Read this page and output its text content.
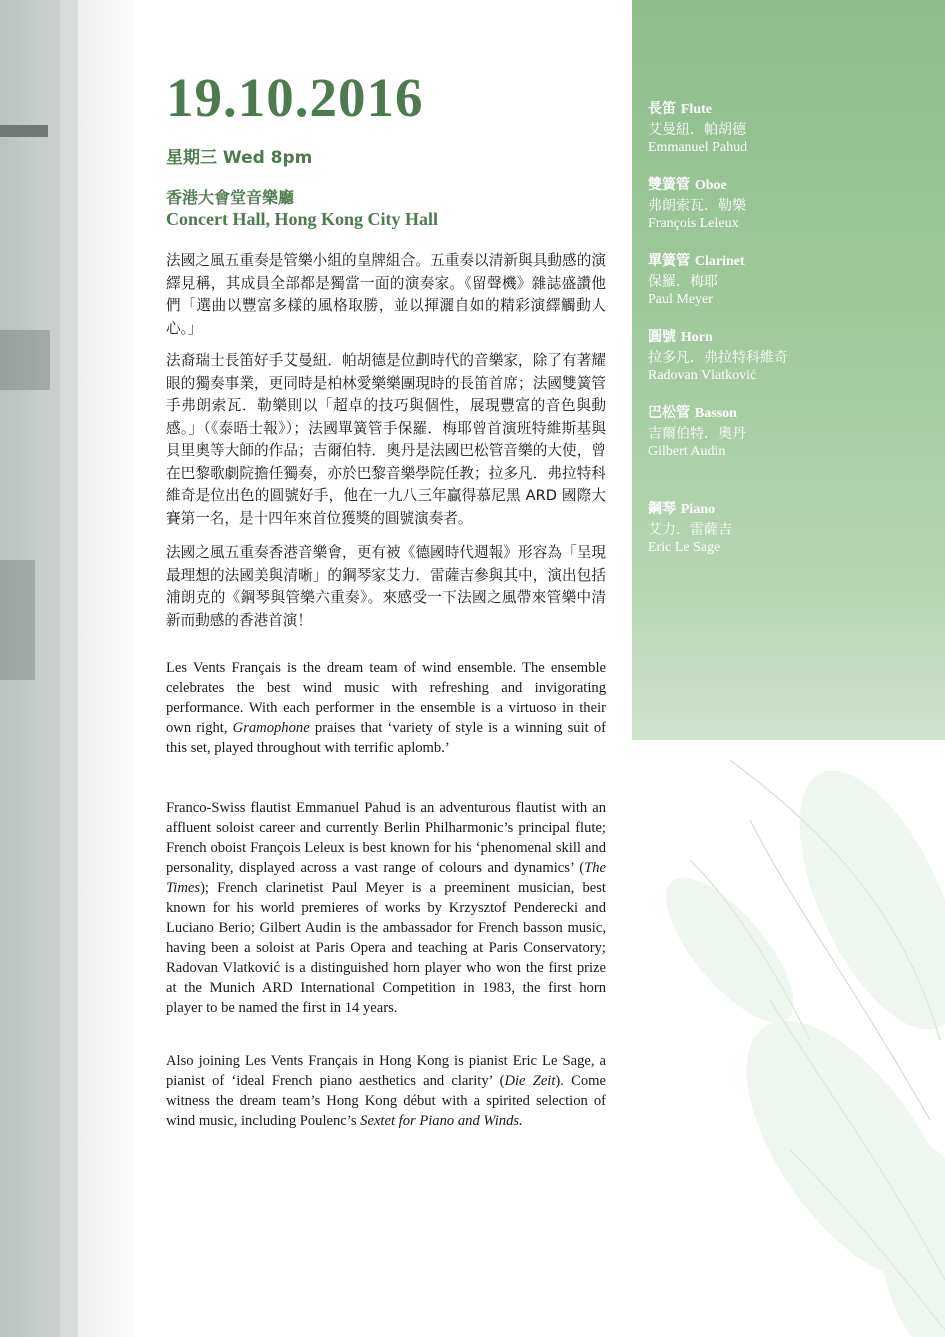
19.10.2016
星期三 Wed 8pm
香港大會堂音樂廳
Concert Hall, Hong Kong City Hall

法國之風五重奏是管樂小組的皇牌組合。五重奏以清新與具動感的演繹見稱，其成員全部都是獨當一面的演奏家。《留聲機》雜誌盛讚他們「選曲以豐富多樣的風格取勝，並以揮灑自如的精彩演繹觸動人心。」

法裔瑞士長笛好手艾曼紐．帕胡德是位劃時代的音樂家，除了有著耀眼的獨奏事業，更同時是柏林愛樂樂團現時的長笛首席；法國雙簧管手弗朗索瓦．勒樂則以「超卓的技巧與個性，展現豐富的音色與動感。」（《泰晤士報》）；法國單簧管手保羅．梅耶曾首演班特維斯基與貝里奧等大師的作品；吉爾伯特．奧丹是法國巴松管音樂的大使，曾在巴黎歌劇院擔任獨奏，亦於巴黎音樂學院任教；拉多凡．弗拉特科維奇是位出色的圓號好手，他在一九八三年贏得慕尼黑 ARD 國際大賽第一名，是十四年來首位獲獎的圓號演奏者。

法國之風五重奏香港音樂會，更有被《德國時代週報》形容為「呈現最理想的法國美與清晰」的鋼琴家艾力．雷薩吉參與其中，演出包括浦朗克的《鋼琴與管樂六重奏》。來感受一下法國之風帶來管樂中清新而動感的香港首演！

Les Vents Français is the dream team of wind ensemble. The ensemble celebrates the best wind music with refreshing and invigorating performance. With each performer in the ensemble is a virtuoso in their own right, Gramophone praises that ‘variety of style is a winning suit of this set, played throughout with terrific aplomb.’

Franco-Swiss flautist Emmanuel Pahud is an adventurous flautist with an affluent soloist career and currently Berlin Philharmonic’s principal flute; French oboist François Leleux is best known for his ‘phenomenal skill and personality, displayed across a vast range of colours and dynamics’ (The Times); French clarinetist Paul Meyer is a preeminent musician, best known for his world premieres of works by Krzysztof Penderecki and Luciano Berio; Gilbert Audin is the ambassador for French basson music, having been a soloist at Paris Opera and teaching at Paris Conservatory; Radovan Vlatković is a distinguished horn player who won the first prize at the Munich ARD International Competition in 1983, the first horn player to be named the first in 14 years.

Also joining Les Vents Français in Hong Kong is pianist Eric Le Sage, a pianist of ‘ideal French piano aesthetics and clarity’ (Die Zeit). Come witness the dream team’s Hong Kong début with a spirited selection of wind music, including Poulenc’s Sextet for Piano and Winds.

長笛 Flute
艾曼紐．帕胡德
Emmanuel Pahud
雙簧管 Oboe
弗朗索瓦．勒樂
François Leleux
單簧管 Clarinet
保羅．梅耶
Paul Meyer
圓號 Horn
拉多凡．弗拉特科維奇
Radovan Vlatković
巴松管 Basson
吉爾伯特．奧丹
Gilbert Audin
鋼琴 Piano
艾力．雷薩吉
Eric Le Sage
